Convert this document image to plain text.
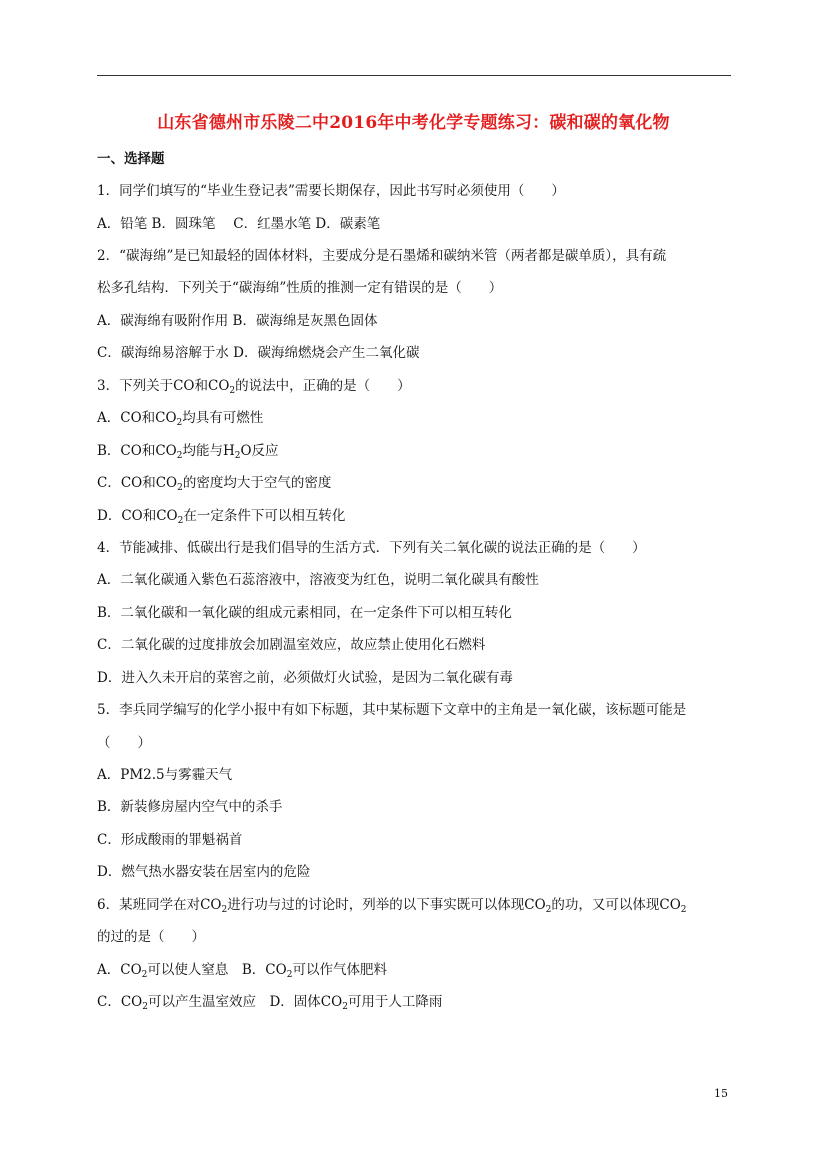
山东省德州市乐陵二中2016年中考化学专题练习：碳和碳的氧化物
一、选择题
1．同学们填写的“毕业生登记表”需要长期保存，因此书写时必须使用（　　）
A．铅笔 B．圆珠笔　 C．红墨水笔 D．碳素笔
2．“碳海绵”是已知最轻的固体材料，主要成分是石墨烯和碳纳米管（两者都是碳单质），具有疏
松多孔结构．下列关于“碳海绵”性质的推测一定有错误的是（　　）
A．碳海绵有吸附作用 B．碳海绵是灰黑色固体
C．碳海绵易溶解于水 D．碳海绵燃烧会产生二氧化碳
3．下列关于CO和$CO_2$的说法中，正确的是（　　）
A．CO和$CO_2$均具有可燃性
B．CO和$CO_2$均能与$H_2O$反应
C．CO和$CO_2$的密度均大于空气的密度
D．CO和$CO_2$在一定条件下可以相互转化
4．节能减排、低碳出行是我们倡导的生活方式．下列有关二氧化碳的说法正确的是（　　）
A．二氧化碳通入紫色石蕊溶液中，溶液变为红色，说明二氧化碳具有酸性
B．二氧化碳和一氧化碳的组成元素相同，在一定条件下可以相互转化
C．二氧化碳的过度排放会加剧温室效应，故应禁止使用化石燃料
D．进入久未开启的菜窖之前，必须做灯火试验，是因为二氧化碳有毒
5．李兵同学编写的化学小报中有如下标题，其中某标题下文章中的主角是一氧化碳，该标题可能是
（　　）
A．PM2.5与雾霾天气
B．新装修房屋内空气中的杀手
C．形成酸雨的罪魁祸首
D．燃气热水器安装在居室内的危险
6．某班同学在对$CO_2$进行功与过的讨论时，列举的以下事实既可以体现$CO_2$的功，又可以体现$CO_2$
的过的是（　　）
A．$CO_2$可以使人窒息　B．$CO_2$可以作气体肥料
C．$CO_2$可以产生温室效应　D．固体$CO_2$可用于人工降雨
15
